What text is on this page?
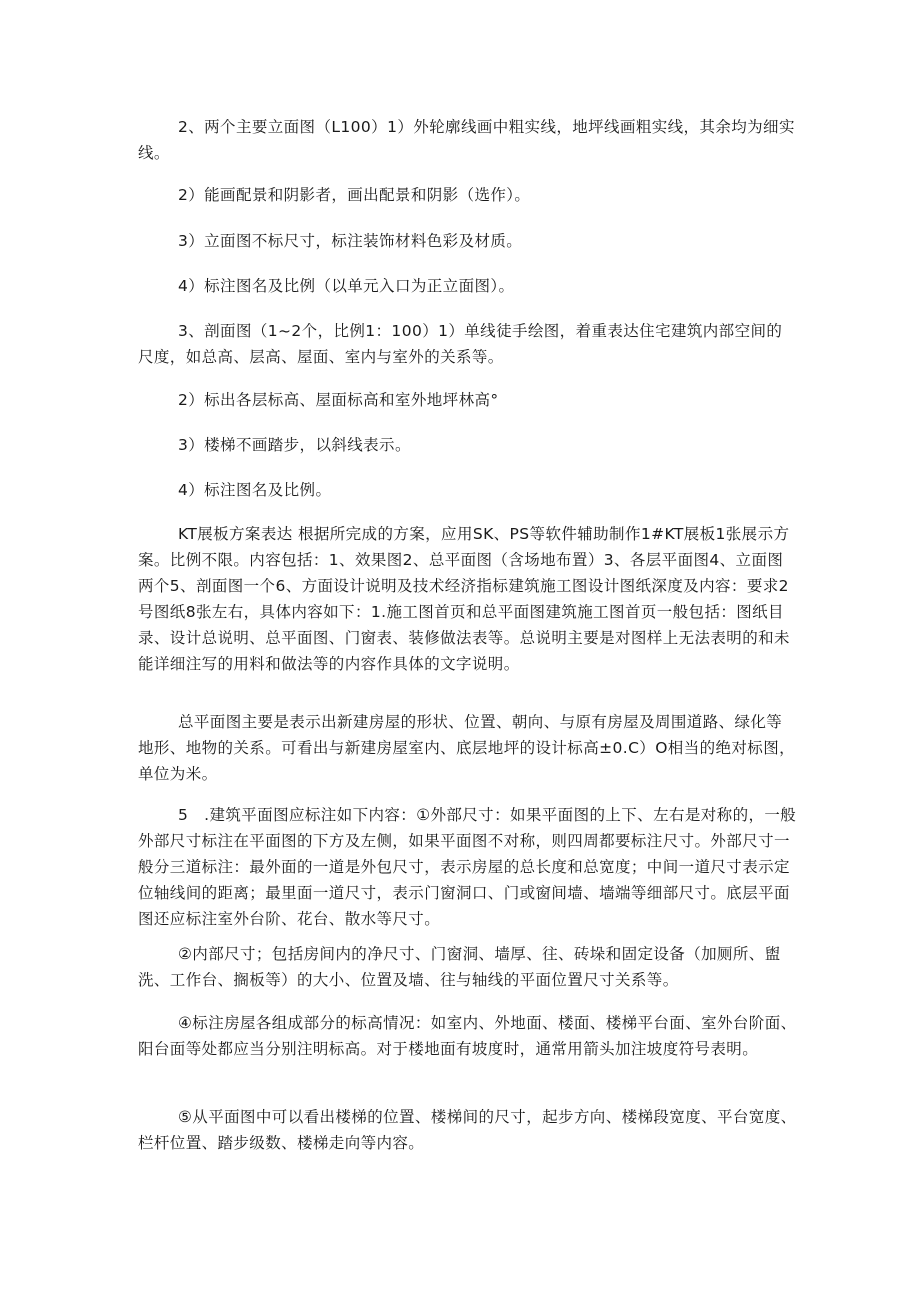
2、两个主要立面图（L100）1）外轮廓线画中粗实线，地坪线画粗实线，其余均为细实线。

2）能画配景和阴影者，画出配景和阴影（选作）。

3）立面图不标尺寸，标注装饰材料色彩及材质。

4）标注图名及比例（以单元入口为正立面图）。

3、剖面图（1~2个，比例1：100）1）单线徒手绘图，着重表达住宅建筑内部空间的尺度，如总高、层高、屋面、室内与室外的关系等。

2）标出各层标高、屋面标高和室外地坪林高°

3）楼梯不画踏步，以斜线表示。

4）标注图名及比例。

KT展板方案表达 根据所完成的方案，应用SK、PS等软件辅助制作1#KT展板1张展示方案。比例不限。内容包括：1、效果图2、总平面图（含场地布置）3、各层平面图4、立面图两个5、剖面图一个6、方面设计说明及技术经济指标建筑施工图设计图纸深度及内容：要求2号图纸8张左右，具体内容如下：1.施工图首页和总平面图建筑施工图首页一般包括：图纸目录、设计总说明、总平面图、门窗表、装修做法表等。总说明主要是对图样上无法表明的和未能详细注写的用料和做法等的内容作具体的文字说明。

总平面图主要是表示出新建房屋的形状、位置、朝向、与原有房屋及周围道路、绿化等地形、地物的关系。可看出与新建房屋室内、底层地坪的设计标高±0.C）O相当的绝对标图，单位为米。

5　.建筑平面图应标注如下内容：①外部尺寸：如果平面图的上下、左右是对称的，一般外部尺寸标注在平面图的下方及左侧，如果平面图不对称，则四周都要标注尺寸。外部尺寸一般分三道标注：最外面的一道是外包尺寸，表示房屋的总长度和总宽度；中间一道尺寸表示定位轴线间的距离；最里面一道尺寸，表示门窗洞口、门或窗间墙、墙端等细部尺寸。底层平面图还应标注室外台阶、花台、散水等尺寸。

②内部尺寸；包括房间内的净尺寸、门窗洞、墙厚、往、砖垛和固定设备（加厕所、盥洗、工作台、搁板等）的大小、位置及墙、往与轴线的平面位置尺寸关系等。

④标注房屋各组成部分的标高情况：如室内、外地面、楼面、楼梯平台面、室外台阶面、阳台面等处都应当分别注明标高。对于楼地面有坡度时，通常用箭头加注坡度符号表明。

⑤从平面图中可以看出楼梯的位置、楼梯间的尺寸，起步方向、楼梯段宽度、平台宽度、栏杆位置、踏步级数、楼梯走向等内容。
